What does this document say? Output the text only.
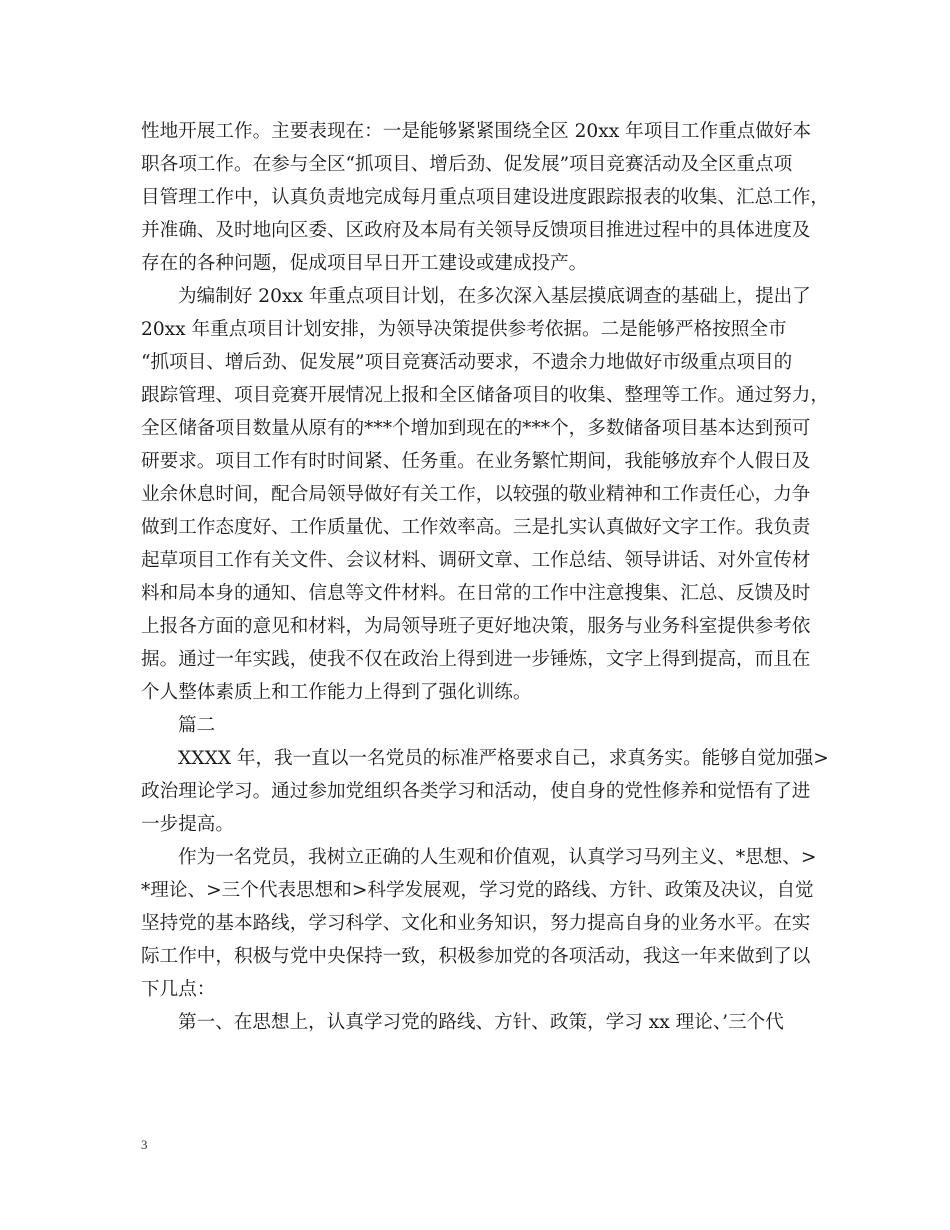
性地开展工作。主要表现在：一是能够紧紧围绕全区 20xx 年项目工作重点做好本
职各项工作。在参与全区“抓项目、增后劲、促发展”项目竞赛活动及全区重点项
目管理工作中，认真负责地完成每月重点项目建设进度跟踪报表的收集、汇总工作，
并准确、及时地向区委、区政府及本局有关领导反馈项目推进过程中的具体进度及
存在的各种问题，促成项目早日开工建设或建成投产。
为编制好 20xx 年重点项目计划，在多次深入基层摸底调查的基础上，提出了
20xx 年重点项目计划安排，为领导决策提供参考依据。二是能够严格按照全市
“抓项目、增后劲、促发展”项目竞赛活动要求，不遗余力地做好市级重点项目的
跟踪管理、项目竞赛开展情况上报和全区储备项目的收集、整理等工作。通过努力，
全区储备项目数量从原有的***个增加到现在的***个，多数储备项目基本达到预可
研要求。项目工作有时时间紧、任务重。在业务繁忙期间，我能够放弃个人假日及
业余休息时间，配合局领导做好有关工作，以较强的敬业精神和工作责任心，力争
做到工作态度好、工作质量优、工作效率高。三是扎实认真做好文字工作。我负责
起草项目工作有关文件、会议材料、调研文章、工作总结、领导讲话、对外宣传材
料和局本身的通知、信息等文件材料。在日常的工作中注意搜集、汇总、反馈及时
上报各方面的意见和材料，为局领导班子更好地决策，服务与业务科室提供参考依
据。通过一年实践，使我不仅在政治上得到进一步锤炼，文字上得到提高，而且在
个人整体素质上和工作能力上得到了强化训练。
篇二
XXXX 年，我一直以一名党员的标准严格要求自己，求真务实。能够自觉加强>
政治理论学习。通过参加党组织各类学习和活动，使自身的党性修养和觉悟有了进
一步提高。
作为一名党员，我树立正确的人生观和价值观，认真学习马列主义、*思想、>
*理论、>三个代表思想和>科学发展观，学习党的路线、方针、政策及决议，自觉
坚持党的基本路线，学习科学、文化和业务知识，努力提高自身的业务水平。在实
际工作中，积极与党中央保持一致，积极参加党的各项活动，我这一年来做到了以
下几点：
第一、在思想上，认真学习党的路线、方针、政策，学习 xx 理论、’三个代
3
